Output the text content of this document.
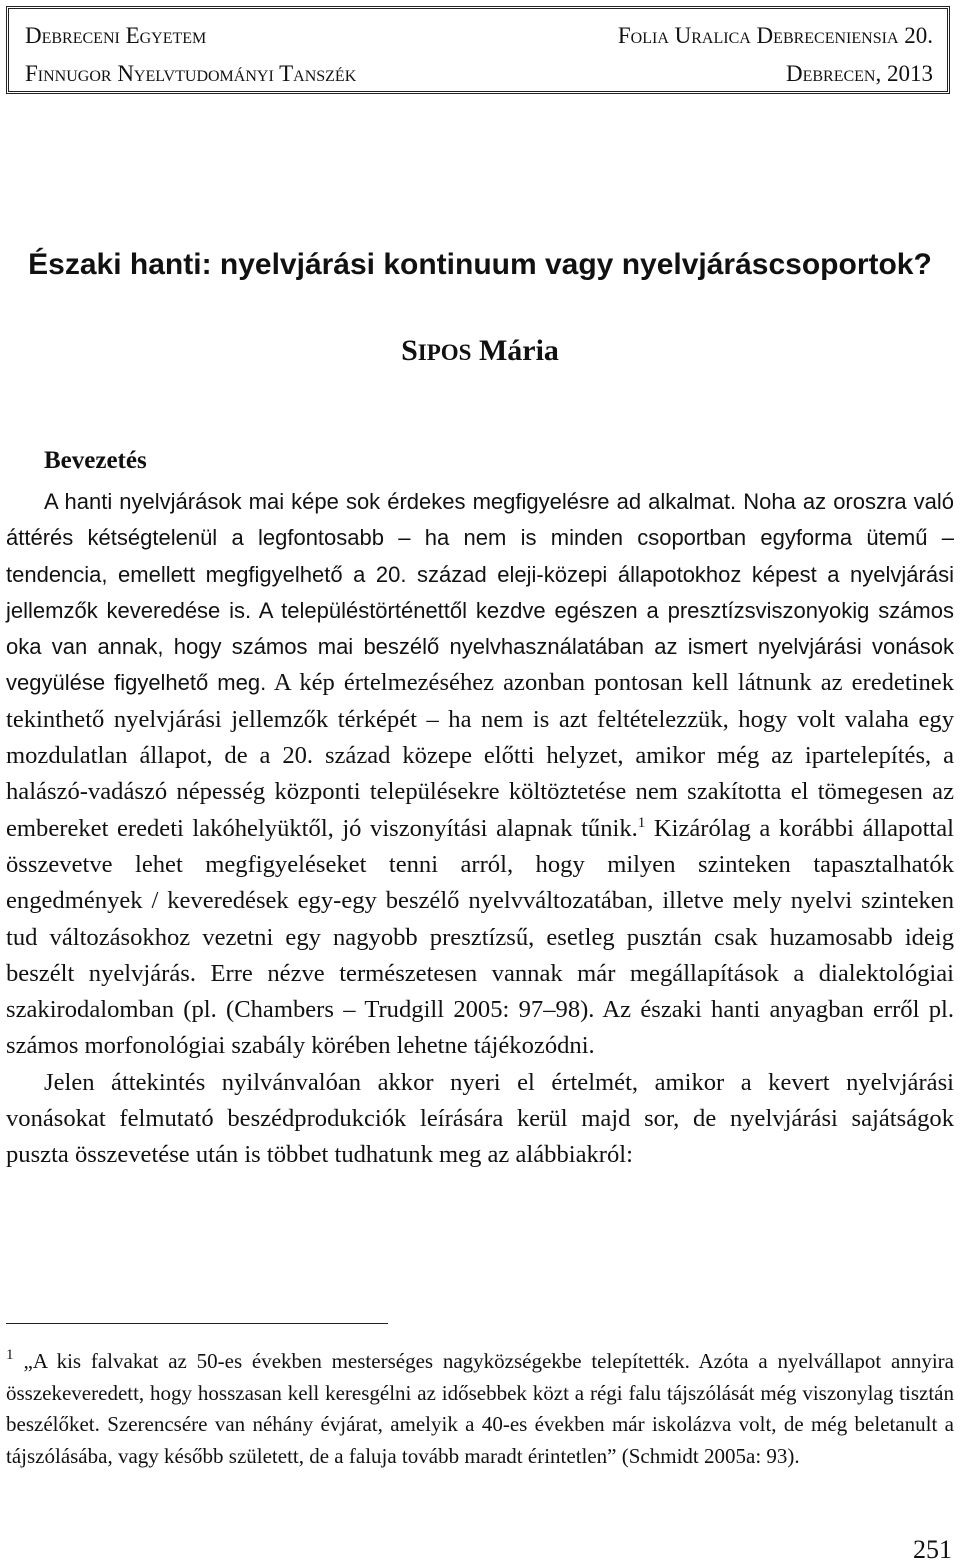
Debreceni Egyetem	Folia Uralica Debreceniensia 20.
Finnugor Nyelvtudományi Tanszék	Debrecen, 2013
Északi hanti: nyelvjárási kontinuum vagy nyelvjáráscsoportok?
SIPOS Mária
Bevezetés

A hanti nyelvjárások mai képe sok érdekes megfigyelésre ad alkalmat. Noha az oroszra való áttérés kétségtelenül a legfontosabb – ha nem is minden csoportban egyforma ütemű – tendencia, emellett megfigyelhető a 20. század eleji-közepi állapotokhoz képest a nyelvjárási jellemzők keveredése is. A településtörténettől kezdve egészen a presztízsviszonyokig számos oka van annak, hogy számos mai beszélő nyelvhasználatában az ismert nyelvjárási vonások vegyülése figyelhető meg. A kép értelmezéséhez azonban pontosan kell látnunk az eredetinek tekinthető nyelvjárási jellemzők térképét – ha nem is azt feltételezzük, hogy volt valaha egy mozdulatlan állapot, de a 20. század közepe előtti helyzet, amikor még az ipartelepítés, a halászó-vadászó népesség központi településekre költöztetése nem szakította el tömegesen az embereket eredeti lakóhelyüktől, jó viszonyítási alapnak tűnik.$^1$ Kizárólag a korábbi állapottal összevetve lehet megfigyeléseket tenni arról, hogy milyen szinteken tapasztalhatók engedmények / keveredések egy-egy beszélő nyelvváltozatában, illetve mely nyelvi szinteken tud változásokhoz vezetni egy nagyobb presztízsű, esetleg pusztán csak huzamosabb ideig beszélt nyelvjárás. Erre nézve természetesen vannak már megállapítások a dialektológiai szakirodalomban (pl. (Chambers – Trudgill 2005: 97–98). Az északi hanti anyagban erről pl. számos morfonológiai szabály körében lehetne tájékozódni.

Jelen áttekintés nyilvánvalóan akkor nyeri el értelmét, amikor a kevert nyelvjárási vonásokat felmutató beszédprodukciók leírására kerül majd sor, de nyelvjárási sajátságok puszta összevetése után is többet tudhatunk meg az alábbiakról:

$^1$ „A kis falvakat az 50-es években mesterséges nagyközségekbe telepítették. Azóta a nyelvállapot annyira összekeveredett, hogy hosszasan kell keresgélni az idősebbek közt a régi falu tájszólását még viszonylag tisztán beszélőket. Szerencsére van néhány évjárat, amelyik a 40-es években már iskolázva volt, de még beletanult a tájszólásába, vagy később született, de a faluja tovább maradt érintetlen” (Schmidt 2005a: 93).
251
